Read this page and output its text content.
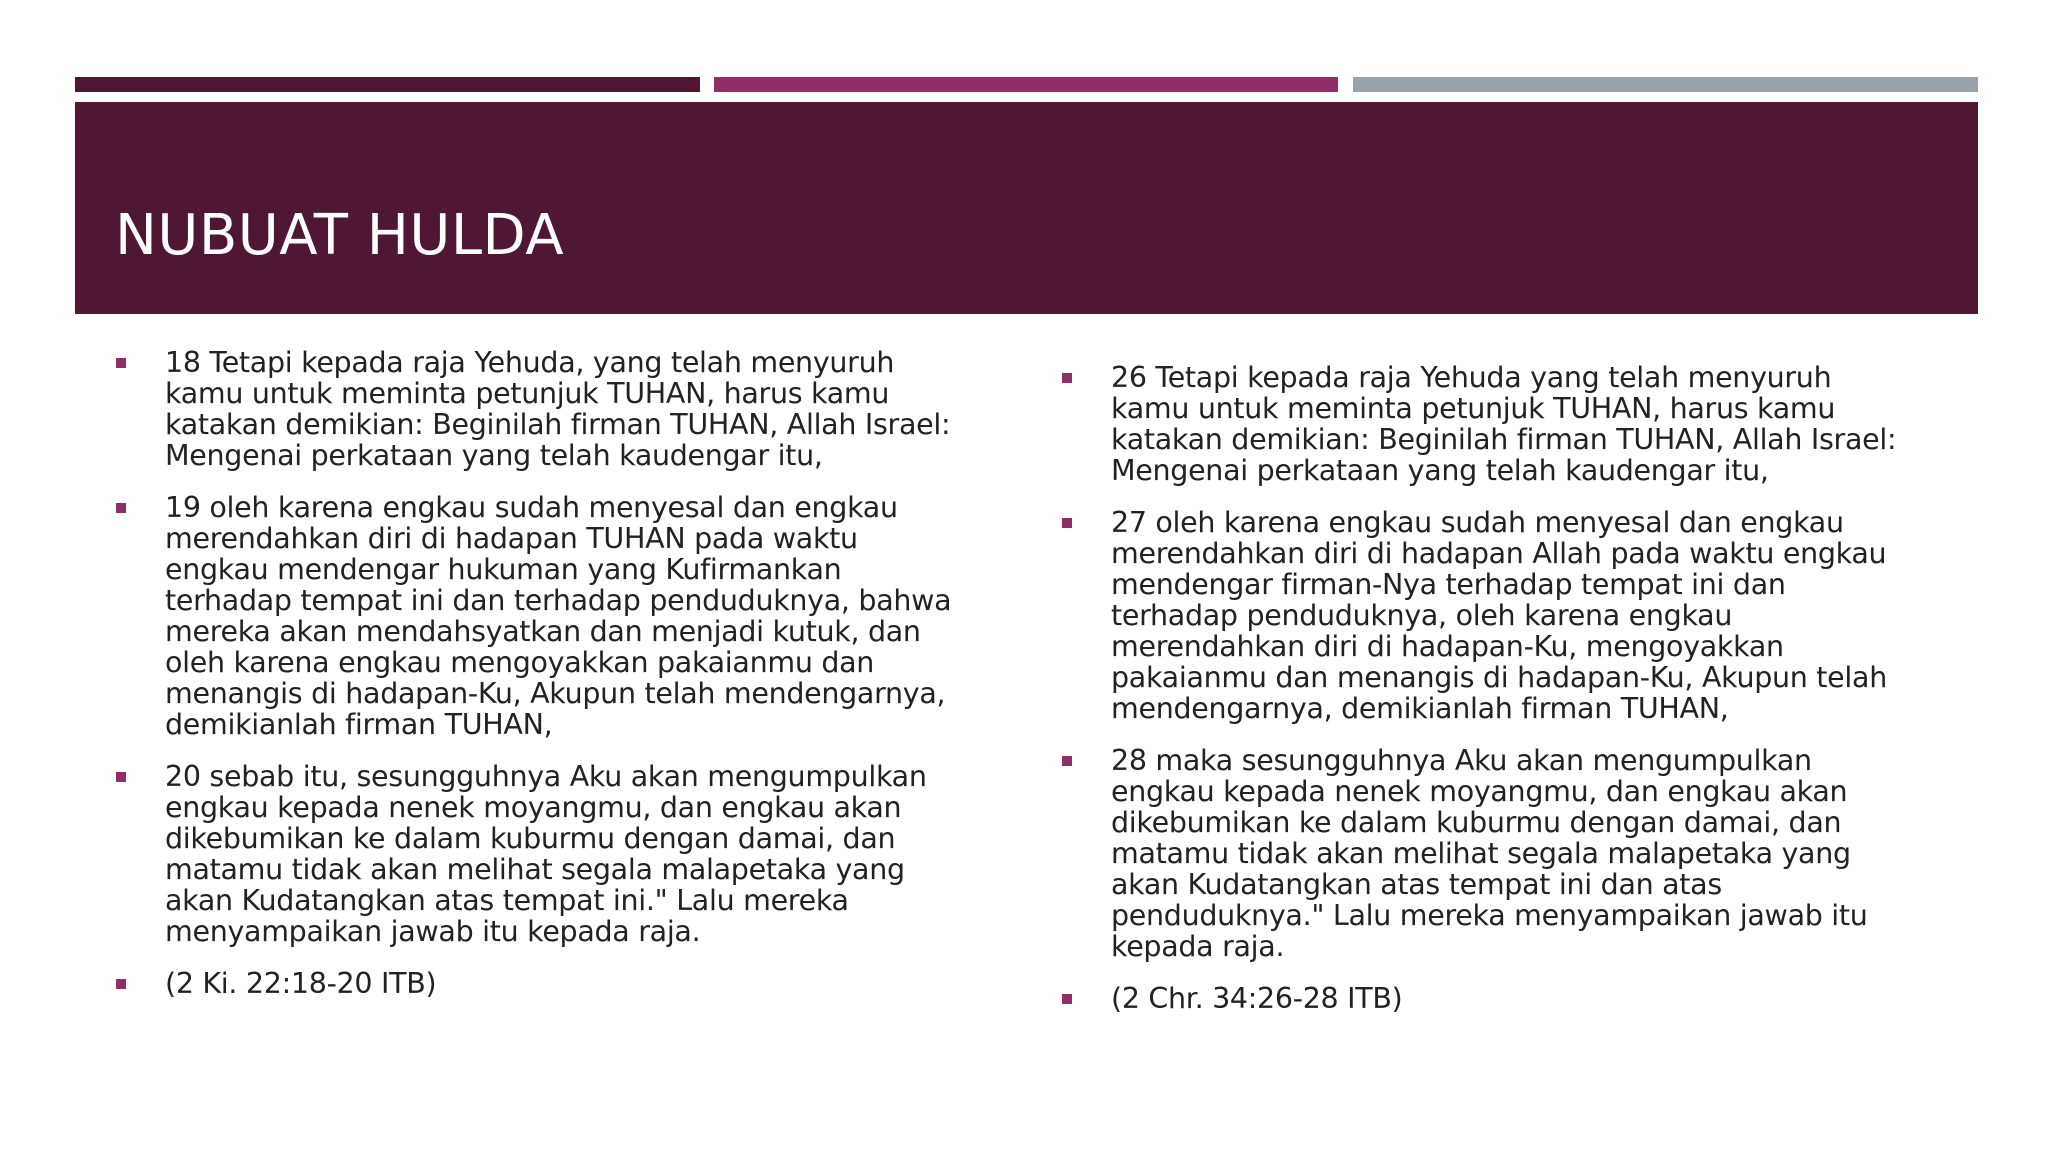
NUBUAT HULDA
18 Tetapi kepada raja Yehuda, yang telah menyuruh kamu untuk meminta petunjuk TUHAN, harus kamu katakan demikian: Beginilah firman TUHAN, Allah Israel: Mengenai perkataan yang telah kaudengar itu,
19 oleh karena engkau sudah menyesal dan engkau merendahkan diri di hadapan TUHAN pada waktu engkau mendengar hukuman yang Kufirmankan terhadap tempat ini dan terhadap penduduknya, bahwa mereka akan mendahsyatkan dan menjadi kutuk, dan oleh karena engkau mengoyakkan pakaianmu dan menangis di hadapan-Ku, Akupun telah mendengarnya, demikianlah firman TUHAN,
20 sebab itu, sesungguhnya Aku akan mengumpulkan engkau kepada nenek moyangmu, dan engkau akan dikebumikan ke dalam kuburmu dengan damai, dan matamu tidak akan melihat segala malapetaka yang akan Kudatangkan atas tempat ini." Lalu mereka menyampaikan jawab itu kepada raja.
(2 Ki. 22:18-20 ITB)
26 Tetapi kepada raja Yehuda yang telah menyuruh kamu untuk meminta petunjuk TUHAN, harus kamu katakan demikian: Beginilah firman TUHAN, Allah Israel: Mengenai perkataan yang telah kaudengar itu,
27 oleh karena engkau sudah menyesal dan engkau merendahkan diri di hadapan Allah pada waktu engkau mendengar firman-Nya terhadap tempat ini dan terhadap penduduknya, oleh karena engkau merendahkan diri di hadapan-Ku, mengoyakkan pakaianmu dan menangis di hadapan-Ku, Akupun telah mendengarnya, demikianlah firman TUHAN,
28 maka sesungguhnya Aku akan mengumpulkan engkau kepada nenek moyangmu, dan engkau akan dikebumikan ke dalam kuburmu dengan damai, dan matamu tidak akan melihat segala malapetaka yang akan Kudatangkan atas tempat ini dan atas penduduknya." Lalu mereka menyampaikan jawab itu kepada raja.
(2 Chr. 34:26-28 ITB)
